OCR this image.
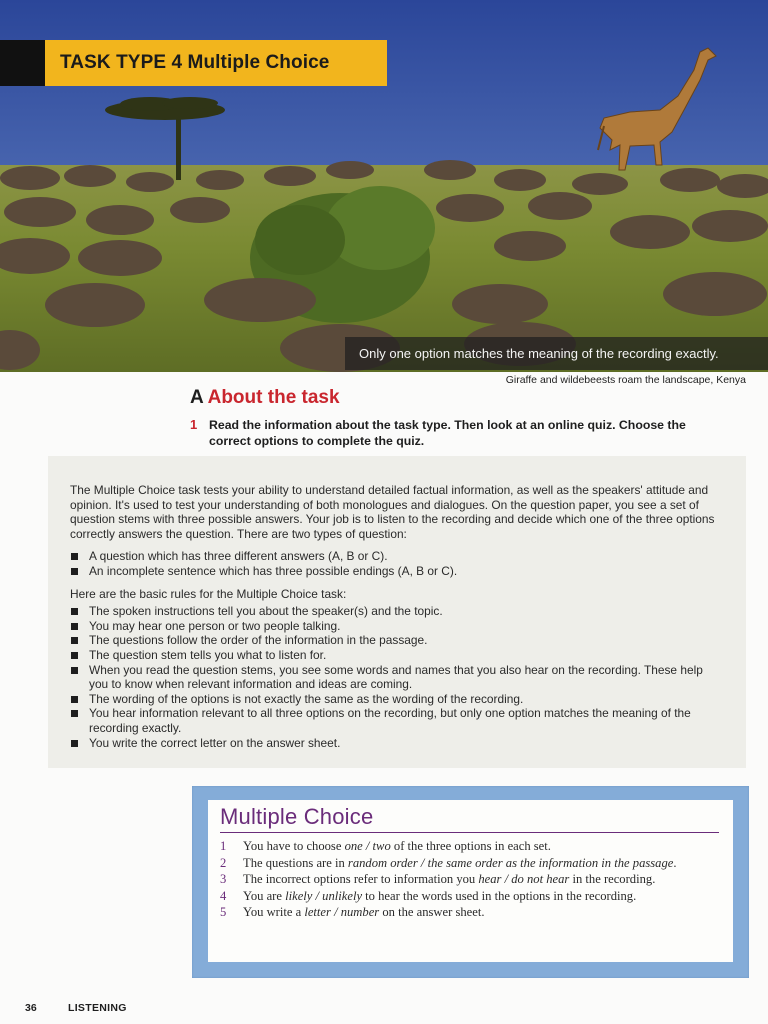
TASK TYPE 4 Multiple Choice
Only one option matches the meaning of the recording exactly.
Giraffe and wildebeests roam the landscape, Kenya
A About the task
1 Read the information about the task type. Then look at an online quiz. Choose the correct options to complete the quiz.

The Multiple Choice task tests your ability to understand detailed factual information, as well as the speakers' attitude and opinion. It's used to test your understanding of both monologues and dialogues. On the question paper, you see a set of question stems with three possible answers. Your job is to listen to the recording and decide which one of the three options correctly answers the question. There are two types of question:

A question which has three different answers (A, B or C).
An incomplete sentence which has three possible endings (A, B or C).

Here are the basic rules for the Multiple Choice task:

The spoken instructions tell you about the speaker(s) and the topic.
You may hear one person or two people talking.
The questions follow the order of the information in the passage.
The question stem tells you what to listen for.
When you read the question stems, you see some words and names that you also hear on the recording. These help you to know when relevant information and ideas are coming.
The wording of the options is not exactly the same as the wording of the recording.
You hear information relevant to all three options on the recording, but only one option matches the meaning of the recording exactly.
You write the correct letter on the answer sheet.
Multiple Choice
1	You have to choose one / two of the three options in each set.
2	The questions are in random order / the same order as the information in the passage.
3	The incorrect options refer to information you hear / do not hear in the recording.
4	You are likely / unlikely to hear the words used in the options in the recording.
5	You write a letter / number on the answer sheet.
36	LISTENING
